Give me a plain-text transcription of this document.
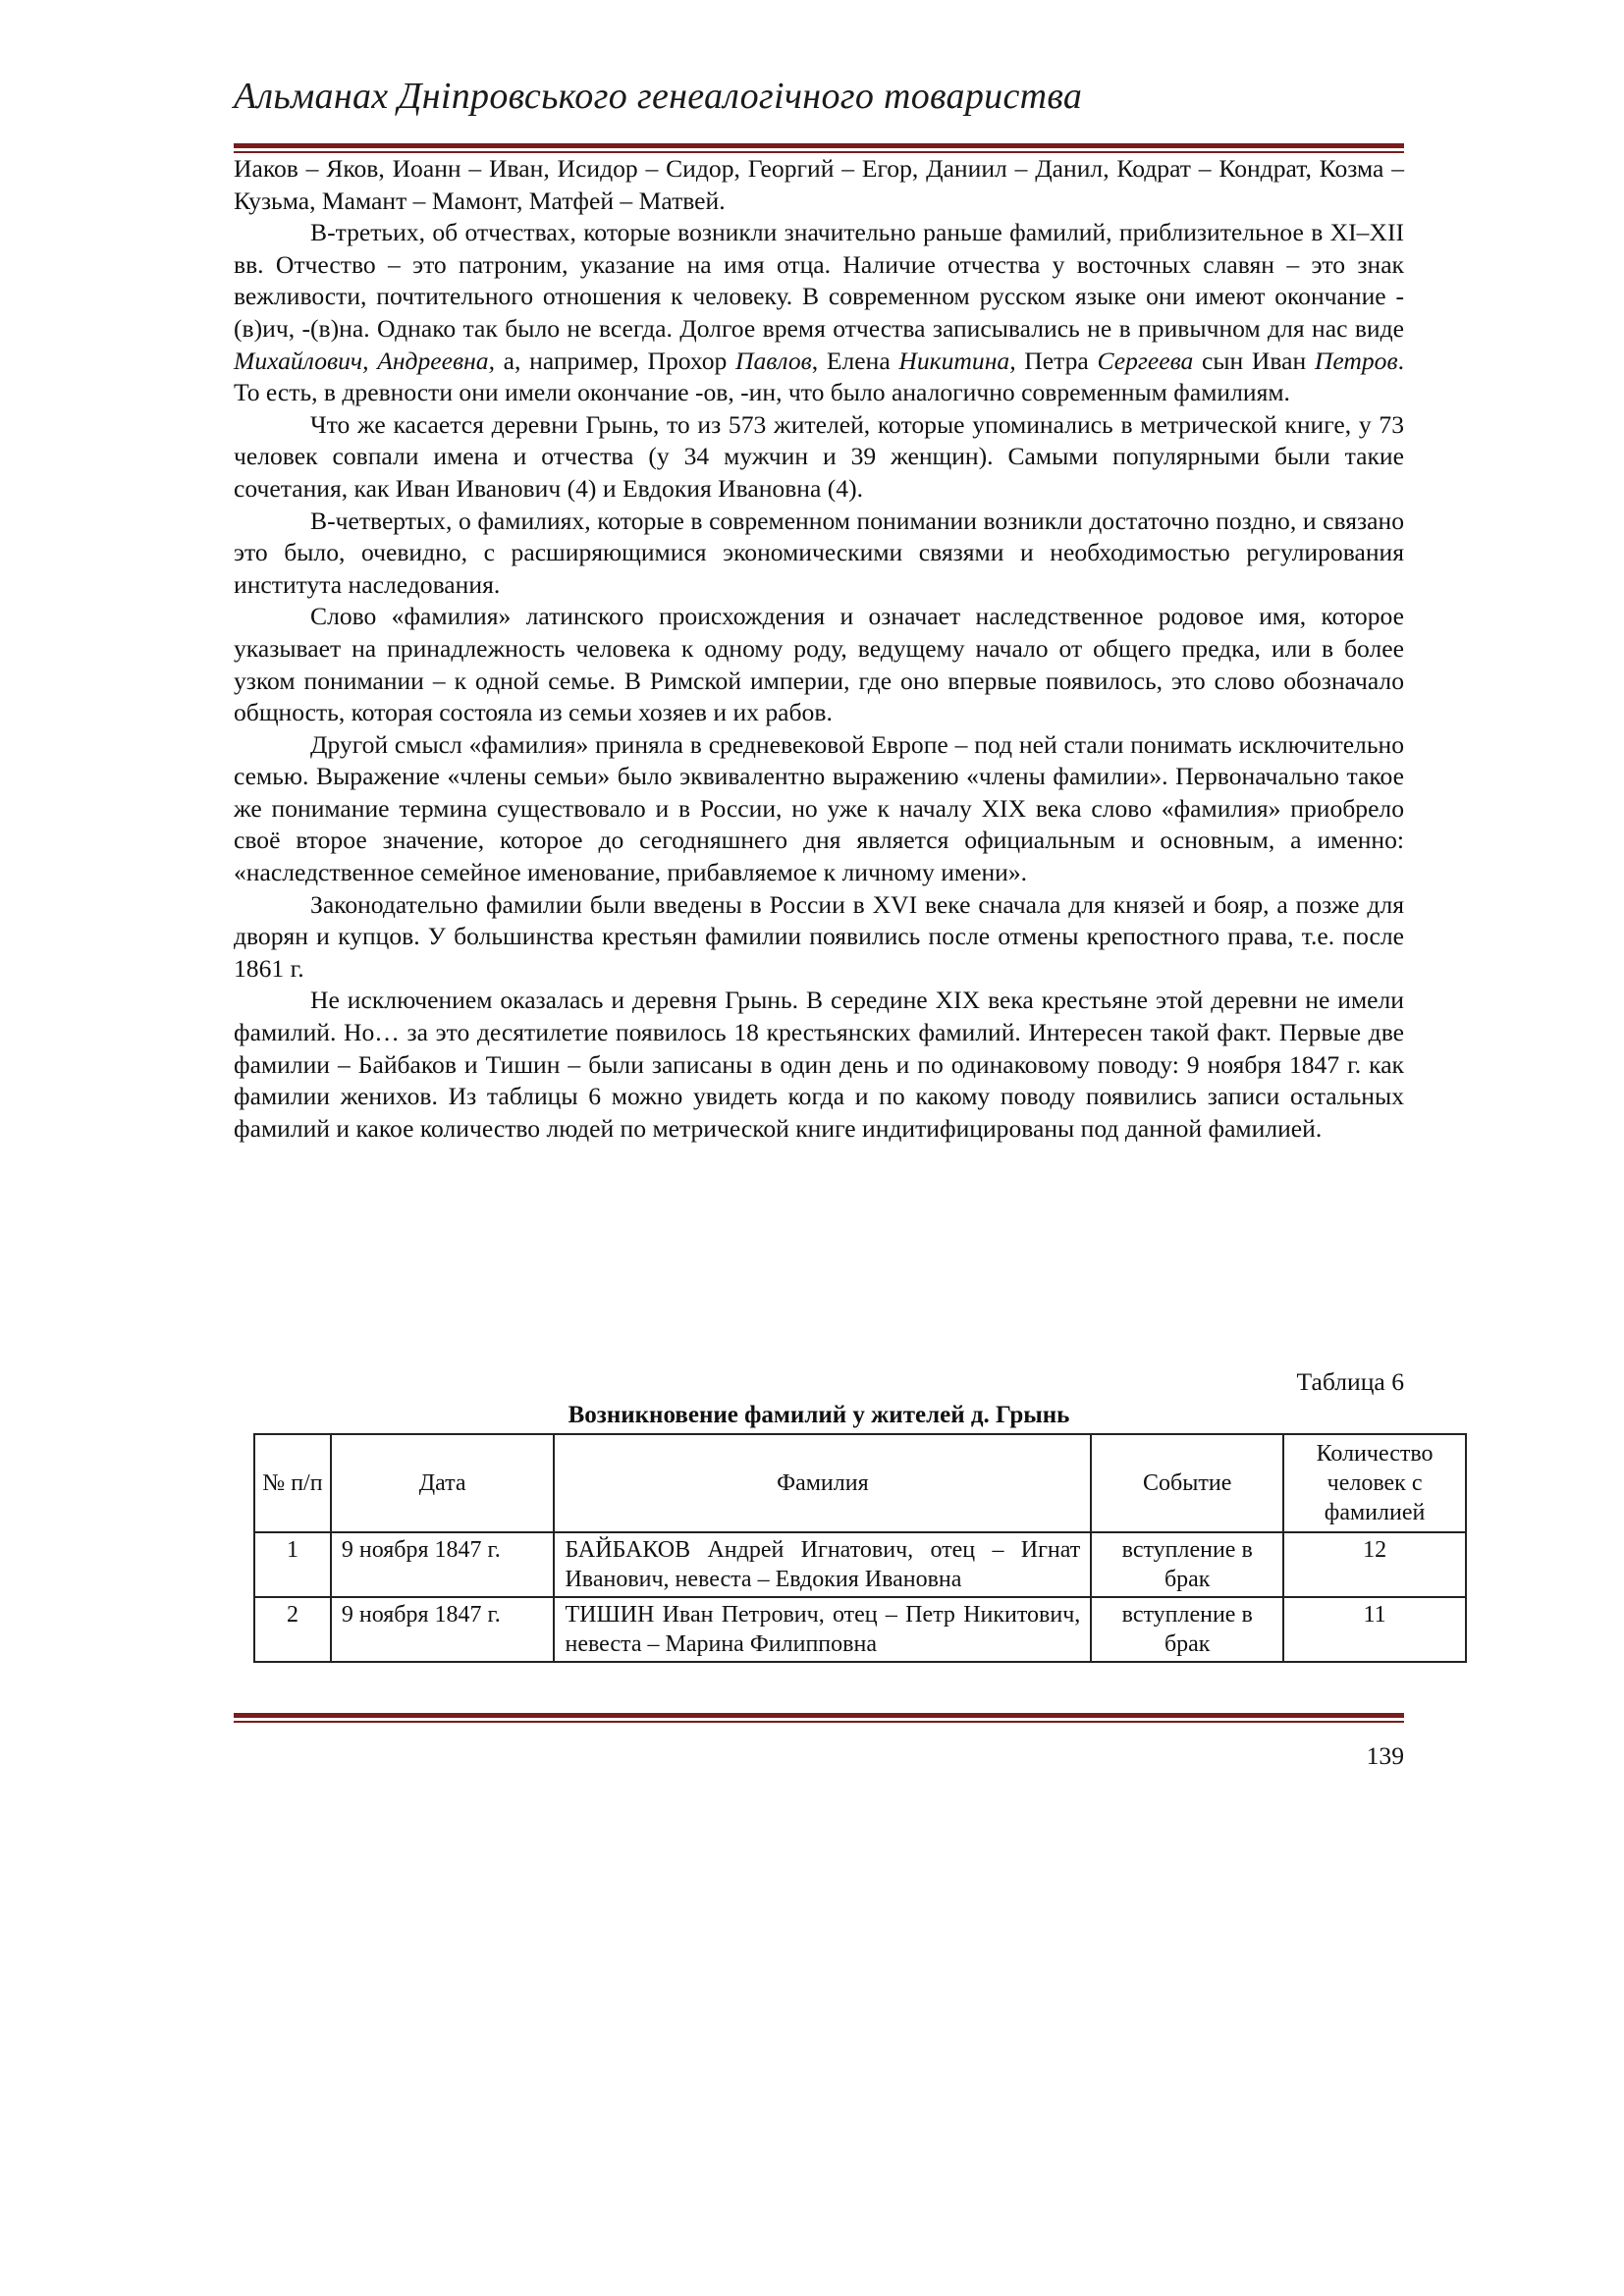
Альманах Дніпровського генеалогічного товариства

Иаков – Яков, Иоанн – Иван, Исидор – Сидор, Георгий – Егор, Даниил – Данил, Кодрат – Кондрат, Козма – Кузьма, Мамант – Мамонт, Матфей – Матвей.

В-третьих, об отчествах, которые возникли значительно раньше фамилий, приблизительное в XI–XII вв. Отчество – это патроним, указание на имя отца. Наличие отчества у восточных славян – это знак вежливости, почтительного отношения к человеку. В современном русском языке они имеют окончание -(в)ич, -(в)на. Однако так было не всегда. Долгое время отчества записывались не в привычном для нас виде Михайлович, Андреевна, а, например, Прохор Павлов, Елена Никитина, Петра Сергеева сын Иван Петров. То есть, в древности они имели окончание -ов, -ин, что было аналогично современным фамилиям.

Что же касается деревни Грынь, то из 573 жителей, которые упоминались в метрической книге, у 73 человек совпали имена и отчества (у 34 мужчин и 39 женщин). Самыми популярными были такие сочетания, как Иван Иванович (4) и Евдокия Ивановна (4).

В-четвертых, о фамилиях, которые в современном понимании возникли достаточно поздно, и связано это было, очевидно, с расширяющимися экономическими связями и необходимостью регулирования института наследования.

Слово «фамилия» латинского происхождения и означает наследственное родовое имя, которое указывает на принадлежность человека к одному роду, ведущему начало от общего предка, или в более узком понимании – к одной семье. В Римской империи, где оно впервые появилось, это слово обозначало общность, которая состояла из семьи хозяев и их рабов.

Другой смысл «фамилия» приняла в средневековой Европе – под ней стали понимать исключительно семью. Выражение «члены семьи» было эквивалентно выражению «члены фамилии». Первоначально такое же понимание термина существовало и в России, но уже к началу XIX века слово «фамилия» приобрело своё второе значение, которое до сегодняшнего дня является официальным и основным, а именно: «наследственное семейное именование, прибавляемое к личному имени».

Законодательно фамилии были введены в России в XVI веке сначала для князей и бояр, а позже для дворян и купцов. У большинства крестьян фамилии появились после отмены крепостного права, т.е. после 1861 г.

Не исключением оказалась и деревня Грынь. В середине XIX века крестьяне этой деревни не имели фамилий. Но… за это десятилетие появилось 18 крестьянских фамилий. Интересен такой факт. Первые две фамилии – Байбаков и Тишин – были записаны в один день и по одинаковому поводу: 9 ноября 1847 г. как фамилии женихов. Из таблицы 6 можно увидеть когда и по какому поводу появились записи остальных фамилий и какое количество людей по метрической книге индитифицированы под данной фамилией.

Таблица 6
Возникновение фамилий у жителей д. Грынь
№ п/п	Дата	Фамилия	Событие	Количество человек с фамилией
1	9 ноября 1847 г.	БАЙБАКОВ Андрей Игнатович, отец – Игнат Иванович, невеста – Евдокия Ивановна	вступление в брак	12
2	9 ноября 1847 г.	ТИШИН Иван Петрович, отец – Петр Никитович, невеста – Марина Филипповна	вступление в брак	11
139
